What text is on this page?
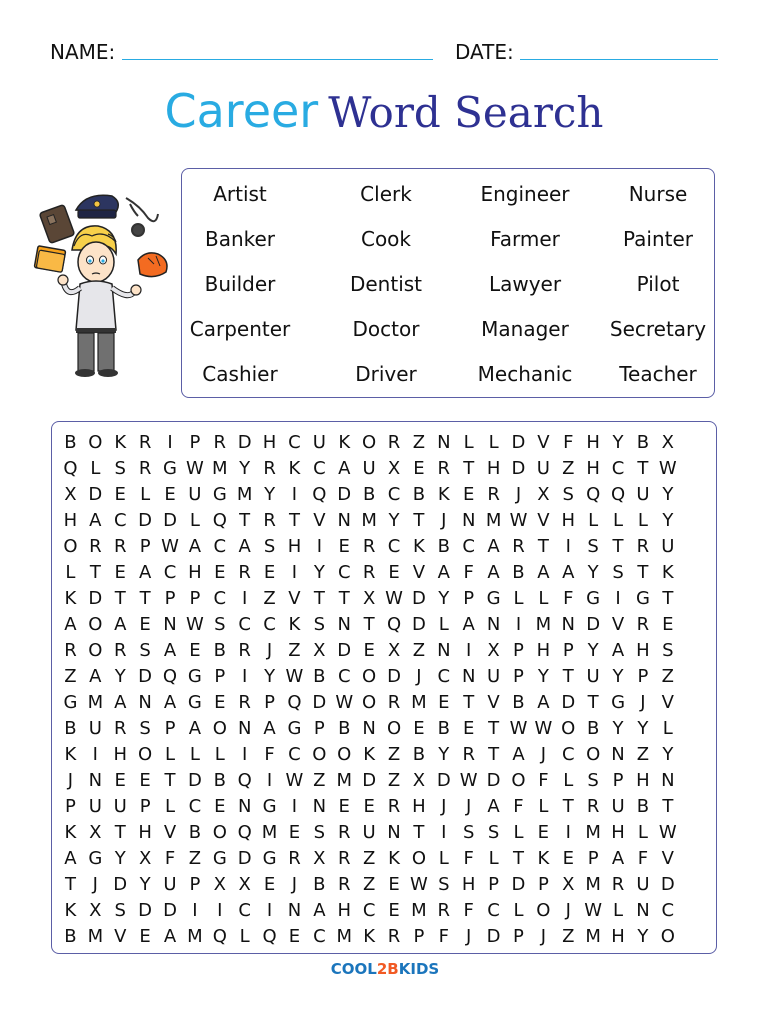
NAME:	DATE:
Career Word Search
Artist
Banker
Builder
Carpenter
Cashier
Clerk
Cook
Dentist
Doctor
Driver
Engineer
Farmer
Lawyer
Manager
Mechanic
Nurse
Painter
Pilot
Secretary
Teacher
B O K R I P R D H C U K O R Z N L L D V F H Y B X
Q L S R G W M Y R K C A U X E R T H D U Z H C T W
X D E L E U G M Y I Q D B C B K E R J X S Q Q U Y
H A C D D L Q T R T V N M Y T J N M W V H L L L Y
O R R P W A C A S H I E R C K B C A R T I S T R U
L T E A C H E R E I Y C R E V A F A B A A Y S T K
K D T T P P C I Z V T T X W D Y P G L L F G I G T
A O A E N W S C C K S N T Q D L A N I M N D V R E
R O R S A E B R J Z X D E X Z N I X P H P Y A H S
Z A Y D Q G P I Y W B C O D J C N U P Y T U Y P Z
G M A N A G E R P Q D W O R M E T V B A D T G J V
B U R S P A O N A G P B N O E B E T W W O B Y Y L
K I H O L L L I F C O O K Z B Y R T A J C O N Z Y
J N E E T D B Q I W Z M D Z X D W D O F L S P H N
P U U P L C E N G I N E E R H J J A F L T R U B T
K X T H V B O Q M E S R U N T I S S L E I M H L W
A G Y X F Z G D G R X R Z K O L F L T K E P A F V
T J D Y U P X X E J B R Z E W S H P D P X M R U D
K X S D D I I C I N A H C E M R F C L O J W L N C
B M V E A M Q L Q E C M K R P F J D P J Z M H Y O
COOL2BKIDS
